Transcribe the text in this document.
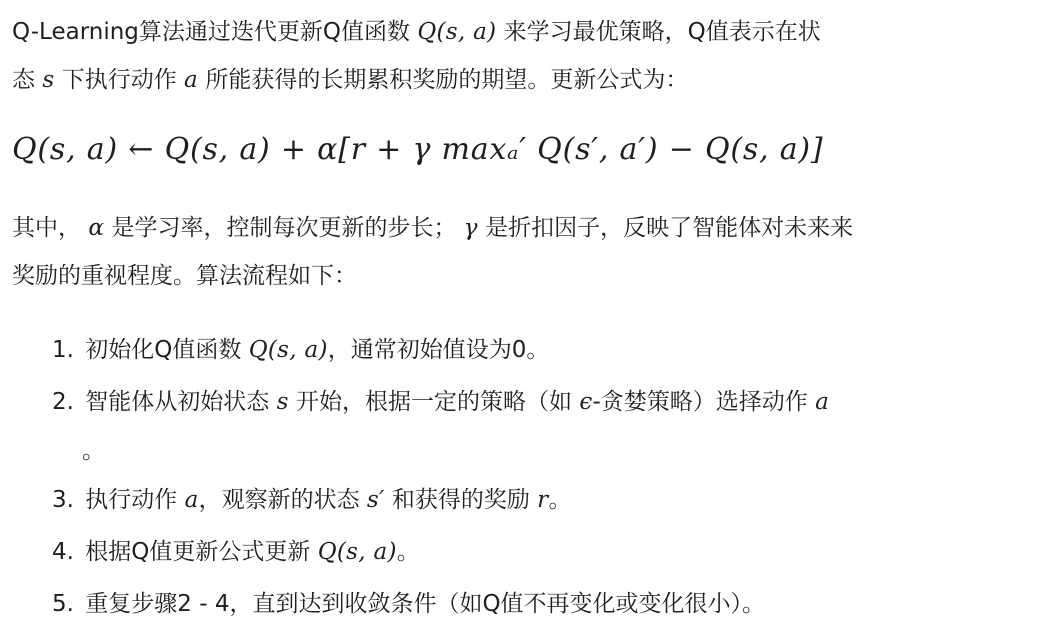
Q-Learning算法通过迭代更新Q值函数 Q(s, a) 来学习最优策略，Q值表示在状
态 s 下执行动作 a 所能获得的长期累积奖励的期望。更新公式为：
Q(s, a) ← Q(s, a) + α[r + γ maxₐ′ Q(s′, a′) − Q(s, a)]
其中， α 是学习率，控制每次更新的步长； γ 是折扣因子，反映了智能体对未来来
奖励的重视程度。算法流程如下：
1. 初始化Q值函数 Q(s, a)，通常初始值设为0。
2. 智能体从初始状态 s 开始，根据一定的策略（如 ϵ-贪婪策略）选择动作 a
。
3. 执行动作 a，观察新的状态 s′ 和获得的奖励 r。
4. 根据Q值更新公式更新 Q(s, a)。
5. 重复步骤2 - 4，直到达到收敛条件（如Q值不再变化或变化很小）。
